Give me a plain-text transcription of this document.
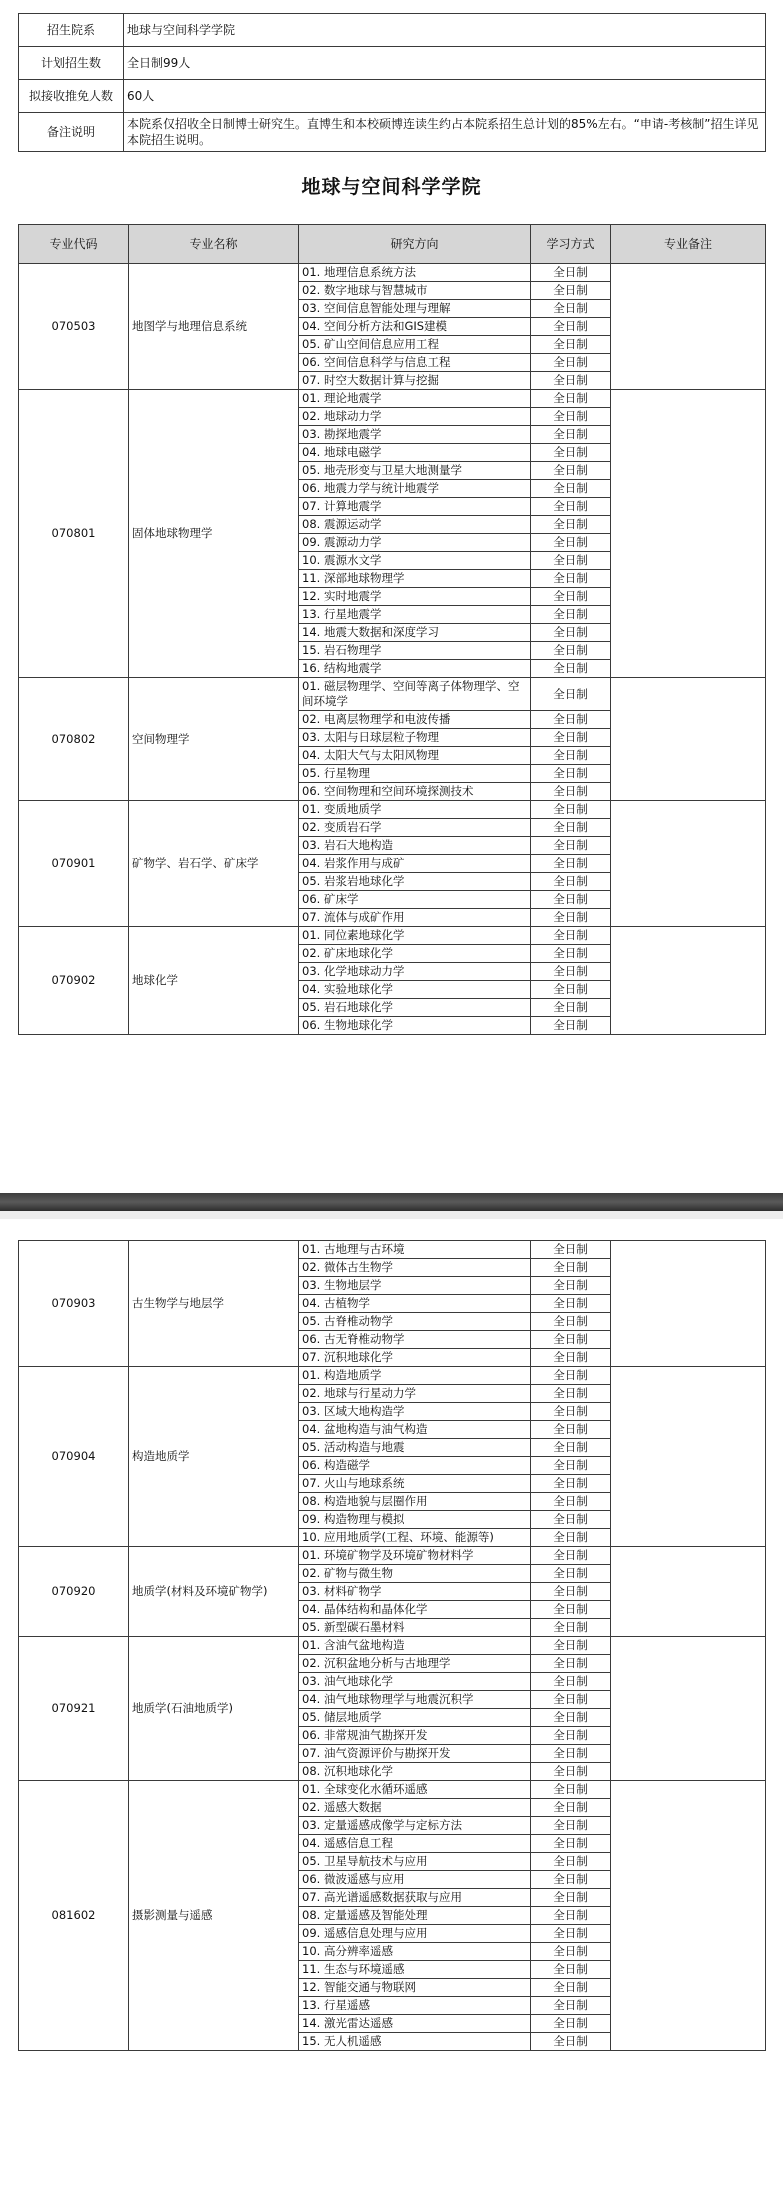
招生院系	地球与空间科学学院
计划招生数	全日制99人
拟接收推免人数	60人
备注说明	本院系仅招收全日制博士研究生。直博生和本校硕博连读生约占本院系招生总计划的85%左右。“申请-考核制”招生详见本院招生说明。
地球与空间科学学院
专业代码	专业名称	研究方向	学习方式	专业备注
070503	地图学与地理信息系统	01. 地理信息系统方法	全日制	
		02. 数字地球与智慧城市	全日制	
		03. 空间信息智能处理与理解	全日制	
		04. 空间分析方法和GIS建模	全日制	
		05. 矿山空间信息应用工程	全日制	
		06. 空间信息科学与信息工程	全日制	
		07. 时空大数据计算与挖掘	全日制	
070801	固体地球物理学	01. 理论地震学	全日制	
		02. 地球动力学	全日制	
		03. 勘探地震学	全日制	
		04. 地球电磁学	全日制	
		05. 地壳形变与卫星大地测量学	全日制	
		06. 地震力学与统计地震学	全日制	
		07. 计算地震学	全日制	
		08. 震源运动学	全日制	
		09. 震源动力学	全日制	
		10. 震源水文学	全日制	
		11. 深部地球物理学	全日制	
		12. 实时地震学	全日制	
		13. 行星地震学	全日制	
		14. 地震大数据和深度学习	全日制	
		15. 岩石物理学	全日制	
		16. 结构地震学	全日制	
070802	空间物理学	01. 磁层物理学、空间等离子体物理学、空间环境学	全日制	
		02. 电离层物理学和电波传播	全日制	
		03. 太阳与日球层粒子物理	全日制	
		04. 太阳大气与太阳风物理	全日制	
		05. 行星物理	全日制	
		06. 空间物理和空间环境探测技术	全日制	
070901	矿物学、岩石学、矿床学	01. 变质地质学	全日制	
		02. 变质岩石学	全日制	
		03. 岩石大地构造	全日制	
		04. 岩浆作用与成矿	全日制	
		05. 岩浆岩地球化学	全日制	
		06. 矿床学	全日制	
		07. 流体与成矿作用	全日制	
070902	地球化学	01. 同位素地球化学	全日制	
		02. 矿床地球化学	全日制	
		03. 化学地球动力学	全日制	
		04. 实验地球化学	全日制	
		05. 岩石地球化学	全日制	
		06. 生物地球化学	全日制	
070903	古生物学与地层学	01. 古地理与古环境	全日制	
		02. 微体古生物学	全日制	
		03. 生物地层学	全日制	
		04. 古植物学	全日制	
		05. 古脊椎动物学	全日制	
		06. 古无脊椎动物学	全日制	
		07. 沉积地球化学	全日制	
070904	构造地质学	01. 构造地质学	全日制	
		02. 地球与行星动力学	全日制	
		03. 区域大地构造学	全日制	
		04. 盆地构造与油气构造	全日制	
		05. 活动构造与地震	全日制	
		06. 构造磁学	全日制	
		07. 火山与地球系统	全日制	
		08. 构造地貌与层圈作用	全日制	
		09. 构造物理与模拟	全日制	
		10. 应用地质学(工程、环境、能源等)	全日制	
070920	地质学(材料及环境矿物学)	01. 环境矿物学及环境矿物材料学	全日制	
		02. 矿物与微生物	全日制	
		03. 材料矿物学	全日制	
		04. 晶体结构和晶体化学	全日制	
		05. 新型碳石墨材料	全日制	
070921	地质学(石油地质学)	01. 含油气盆地构造	全日制	
		02. 沉积盆地分析与古地理学	全日制	
		03. 油气地球化学	全日制	
		04. 油气地球物理学与地震沉积学	全日制	
		05. 储层地质学	全日制	
		06. 非常规油气勘探开发	全日制	
		07. 油气资源评价与勘探开发	全日制	
		08. 沉积地球化学	全日制	
081602	摄影测量与遥感	01. 全球变化水循环遥感	全日制	
		02. 遥感大数据	全日制	
		03. 定量遥感成像学与定标方法	全日制	
		04. 遥感信息工程	全日制	
		05. 卫星导航技术与应用	全日制	
		06. 微波遥感与应用	全日制	
		07. 高光谱遥感数据获取与应用	全日制	
		08. 定量遥感及智能处理	全日制	
		09. 遥感信息处理与应用	全日制	
		10. 高分辨率遥感	全日制	
		11. 生态与环境遥感	全日制	
		12. 智能交通与物联网	全日制	
		13. 行星遥感	全日制	
		14. 激光雷达遥感	全日制	
		15. 无人机遥感	全日制	
